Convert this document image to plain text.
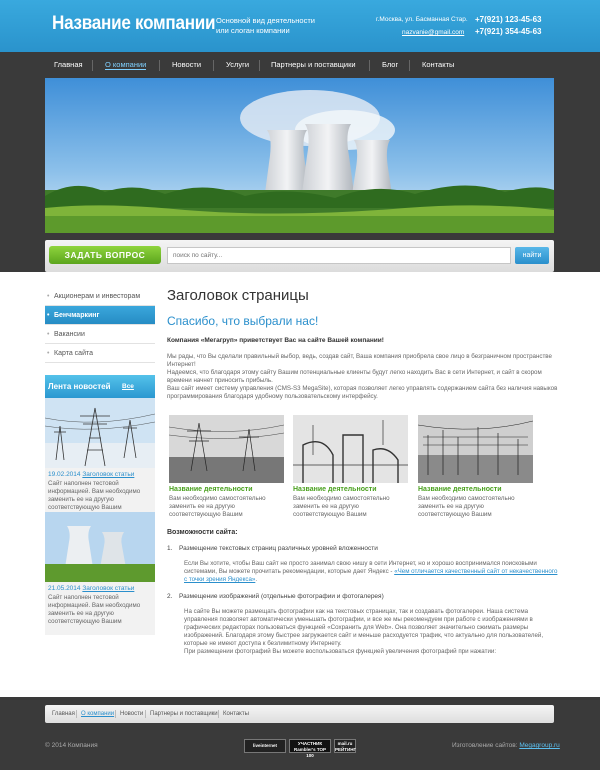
Название компании Основной вид деятельности
или слоган компании
г.Москва, ул. Басманная Стар.
nazvanie@gmail.com
+7(921) 123-45-63
+7(921) 354-45-63
Главная	О компании	Новости	Услуги	Партнеры и поставщики	Блог	Контакты
ЗАДАТЬ ВОПРОС
поиск по сайту...	найти
• Акционерам и инвесторам
• Бенчмаркинг
• Вакансии
• Карта сайта
Лента новостей Все
19.02.2014 Заголовок статьи
Сайт наполнен тестовой информацией. Вам необходимо заменить ее на другую соответствующую Вашим
21.05.2014 Заголовок статьи
Сайт наполнен тестовой информацией. Вам необходимо заменить ее на другую соответствующую Вашим
Заголовок страницы
Спасибо, что выбрали нас!
Компания «Мегагруп» приветствует Вас на сайте Вашей компании!
Мы рады, что Вы сделали правильный выбор, ведь, создав сайт, Ваша компания приобрела свое лицо в безграничном пространстве Интернет!
Надеемся, что благодаря этому сайту Вашим потенциальные клиенты будут легко находить Вас в сети Интернет, и сайт в скором времени начнет приносить прибыль.
Ваш сайт имеет систему управления (CMS-S3 MegaSite), которая позволяет легко управлять содержанием сайта без наличия навыков программирования благодаря удобному пользовательскому интерфейсу.
Название деятельности
Вам необходимо самостоятельно заменить ее на другую соответствующую Вашим
Название деятельности
Вам необходимо самостоятельно заменить ее на другую соответствующую Вашим
Название деятельности
Вам необходимо самостоятельно заменить ее на другую соответствующую Вашим
Возможности сайта:
1. Размещение текстовых страниц различных уровней вложенности
Если Вы хотите, чтобы Ваш сайт не просто занимал свою нишу в сети Интернет, но и хорошо воспринимался поисковыми системами, Вы можете прочитать рекомендации, которые дает Яндекс - «Чем отличается качественный сайт от некачественного с точки зрения Яндекса».
2. Размещение изображений (отдельные фотографии и фотогалерея)
На сайте Вы можете размещать фотографии как на текстовых страницах, так и создавать фотогалереи. Наша система управления позволяет автоматически уменьшать фотографии, и все же мы рекомендуем при работе с изображениями в графических редакторах пользоваться функцией «Сохранить для Web». Она позволяет значительно сжимать размеры изображений. Благодаря этому быстрее загружается сайт и меньше расходуется трафик, что актуально для пользователей, которые не имеют доступа к безлимитному Интернету.
При размещении фотографий Вы можете воспользоваться функцией увеличения фотографий при нажатии:
Главная О компании Новости Партнеры и поставщики Контакты
© 2014 Компания	liveinternet	УЧАСТНИК
Rambler's TOP 100
mail.ru
РЕЙТИНГ
Изготовление сайтов: Megagroup.ru
